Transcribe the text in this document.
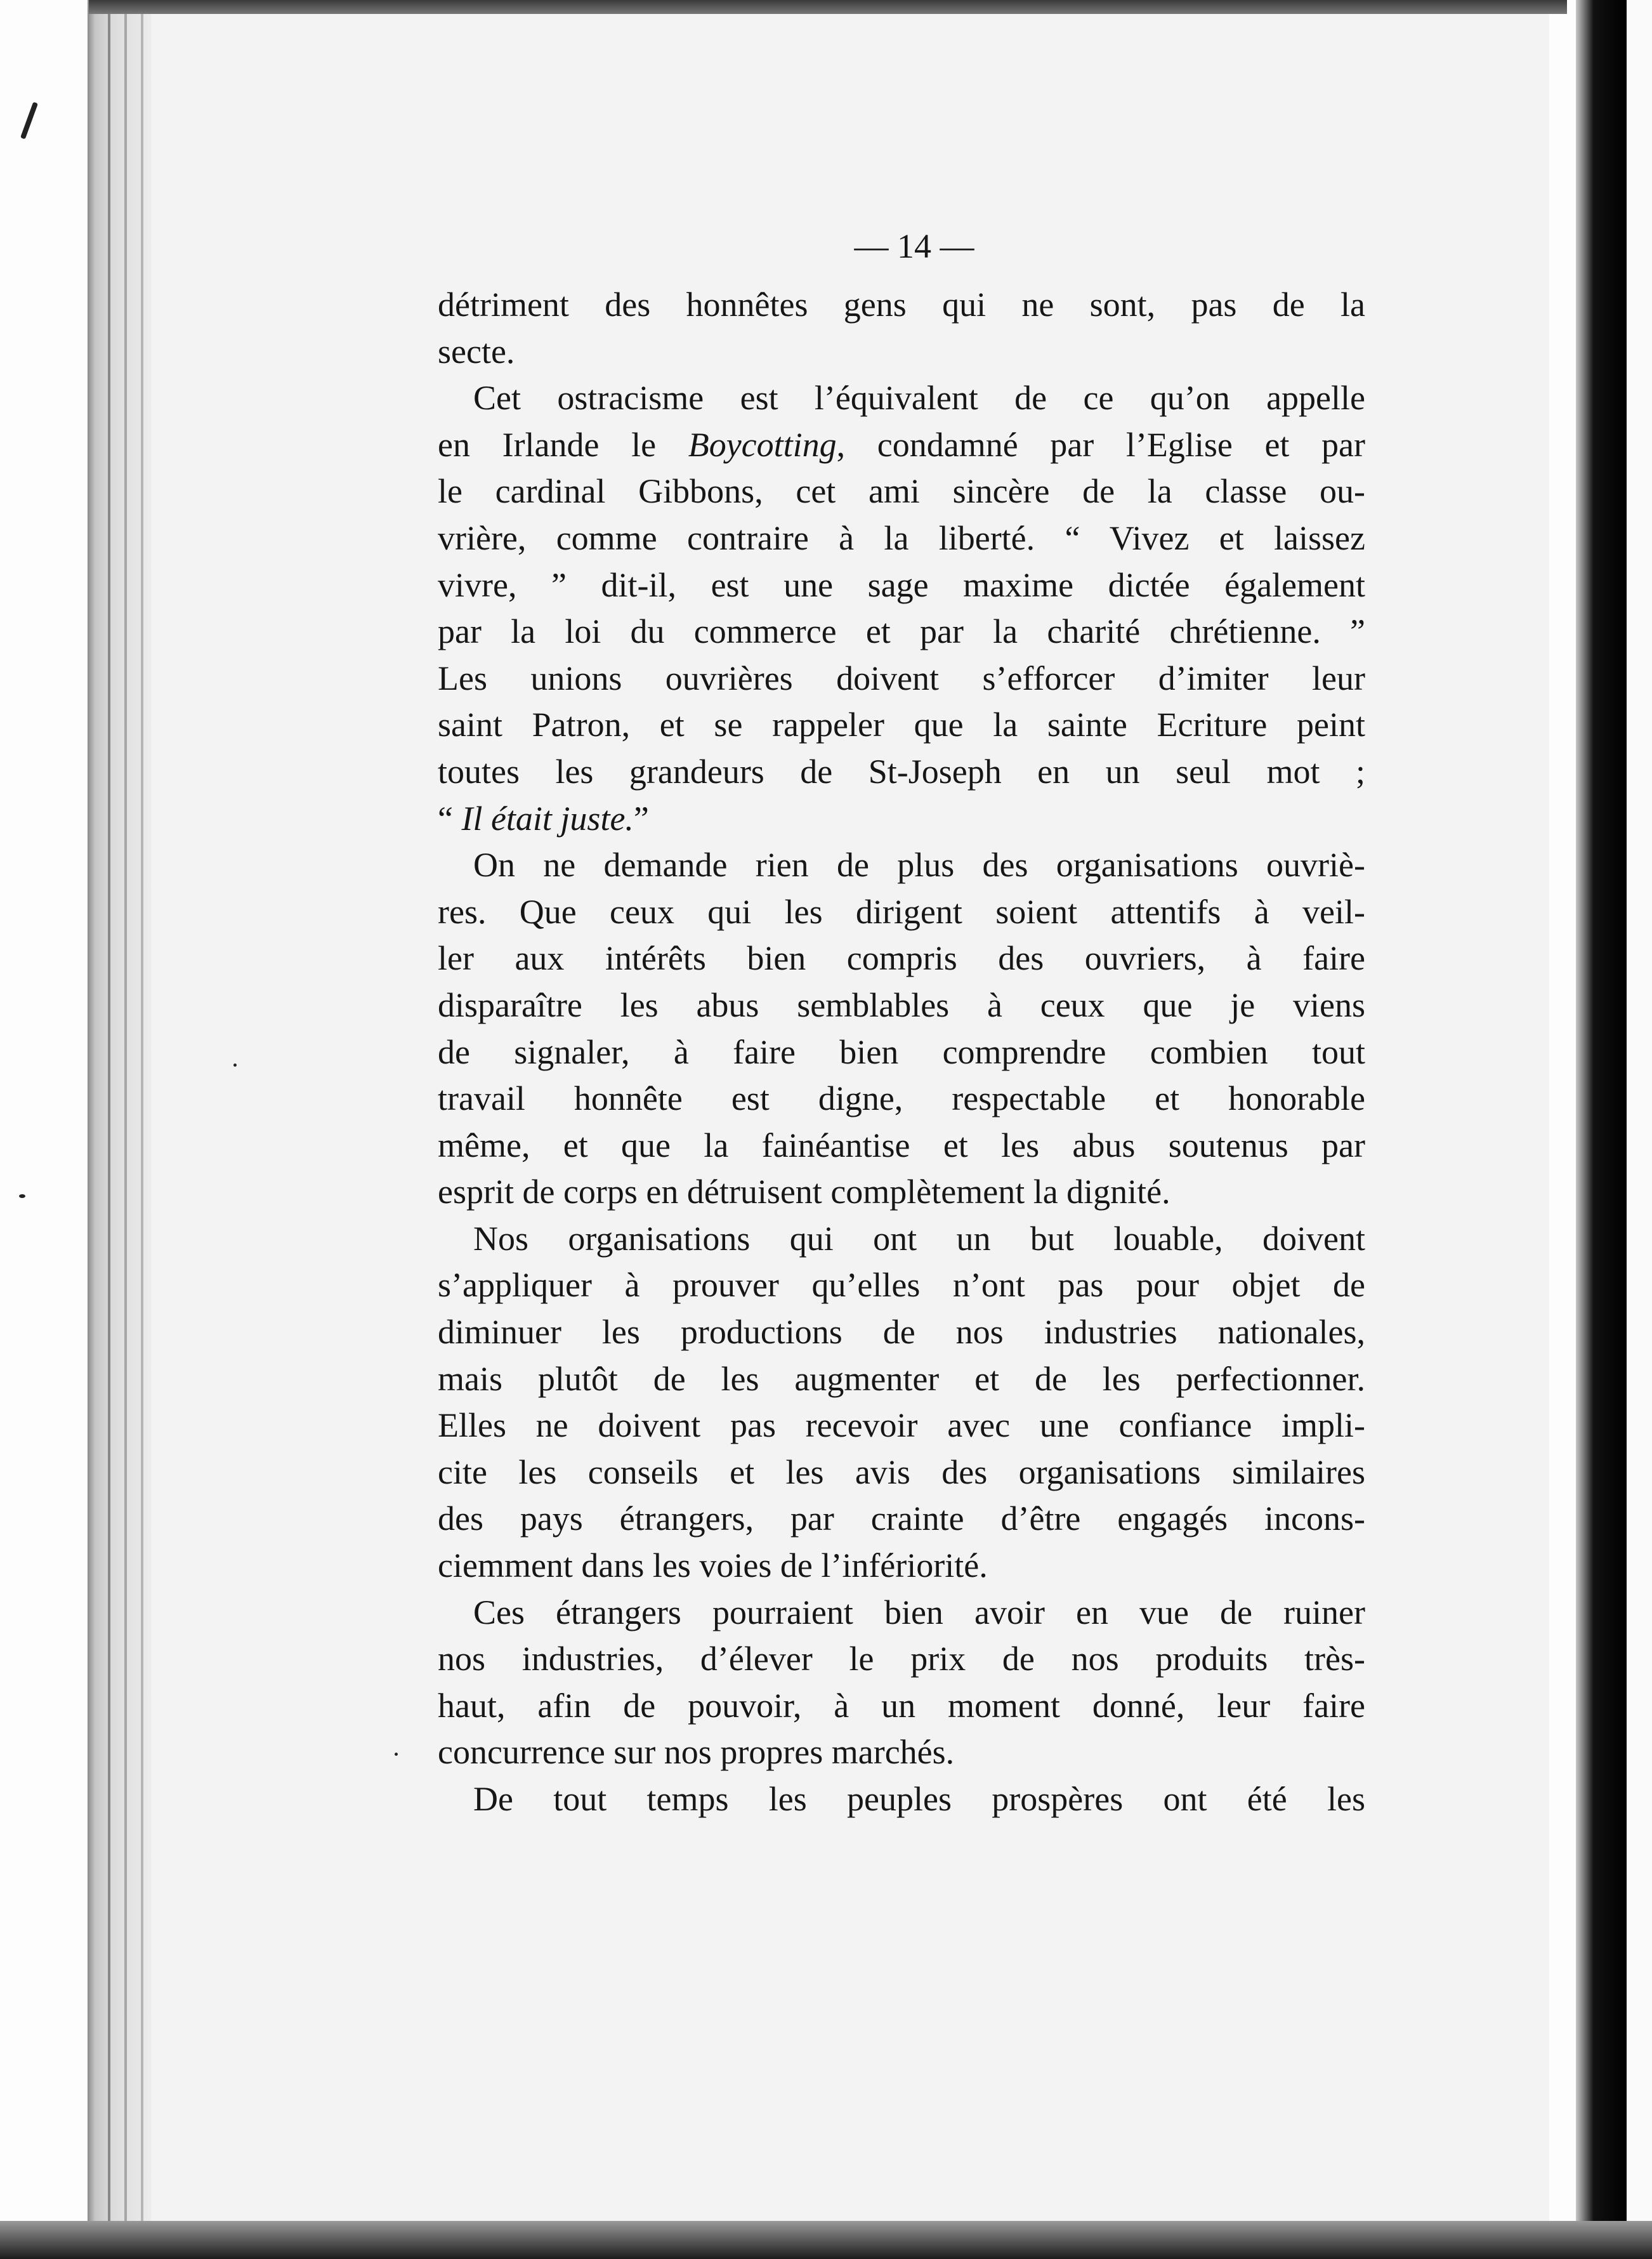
— 14 —
détriment des honnêtes gens qui ne sont, pas de la
secte.
Cet ostracisme est l’équivalent de ce qu’on appelle
en Irlande le Boycotting, condamné par l’Eglise et par
le cardinal Gibbons, cet ami sincère de la classe ou-
vrière, comme contraire à la liberté. “ Vivez et laissez
vivre, ” dit-il, est une sage maxime dictée également
par la loi du commerce et par la charité chrétienne. ”
Les unions ouvrières doivent s’efforcer d’imiter leur
saint Patron, et se rappeler que la sainte Ecriture peint
toutes les grandeurs de St-Joseph en un seul mot ;
“ Il était juste.”
On ne demande rien de plus des organisations ouvriè-
res. Que ceux qui les dirigent soient attentifs à veil-
ler aux intérêts bien compris des ouvriers, à faire
disparaître les abus semblables à ceux que je viens
de signaler, à faire bien comprendre combien tout
travail honnête est digne, respectable et honorable
même, et que la fainéantise et les abus soutenus par
esprit de corps en détruisent complètement la dignité.
Nos organisations qui ont un but louable, doivent
s’appliquer à prouver qu’elles n’ont pas pour objet de
diminuer les productions de nos industries nationales,
mais plutôt de les augmenter et de les perfectionner.
Elles ne doivent pas recevoir avec une confiance impli-
cite les conseils et les avis des organisations similaires
des pays étrangers, par crainte d’être engagés incons-
ciemment dans les voies de l’infériorité.
Ces étrangers pourraient bien avoir en vue de ruiner
nos industries, d’élever le prix de nos produits très-
haut, afin de pouvoir, à un moment donné, leur faire
concurrence sur nos propres marchés.
De tout temps les peuples prospères ont été les
